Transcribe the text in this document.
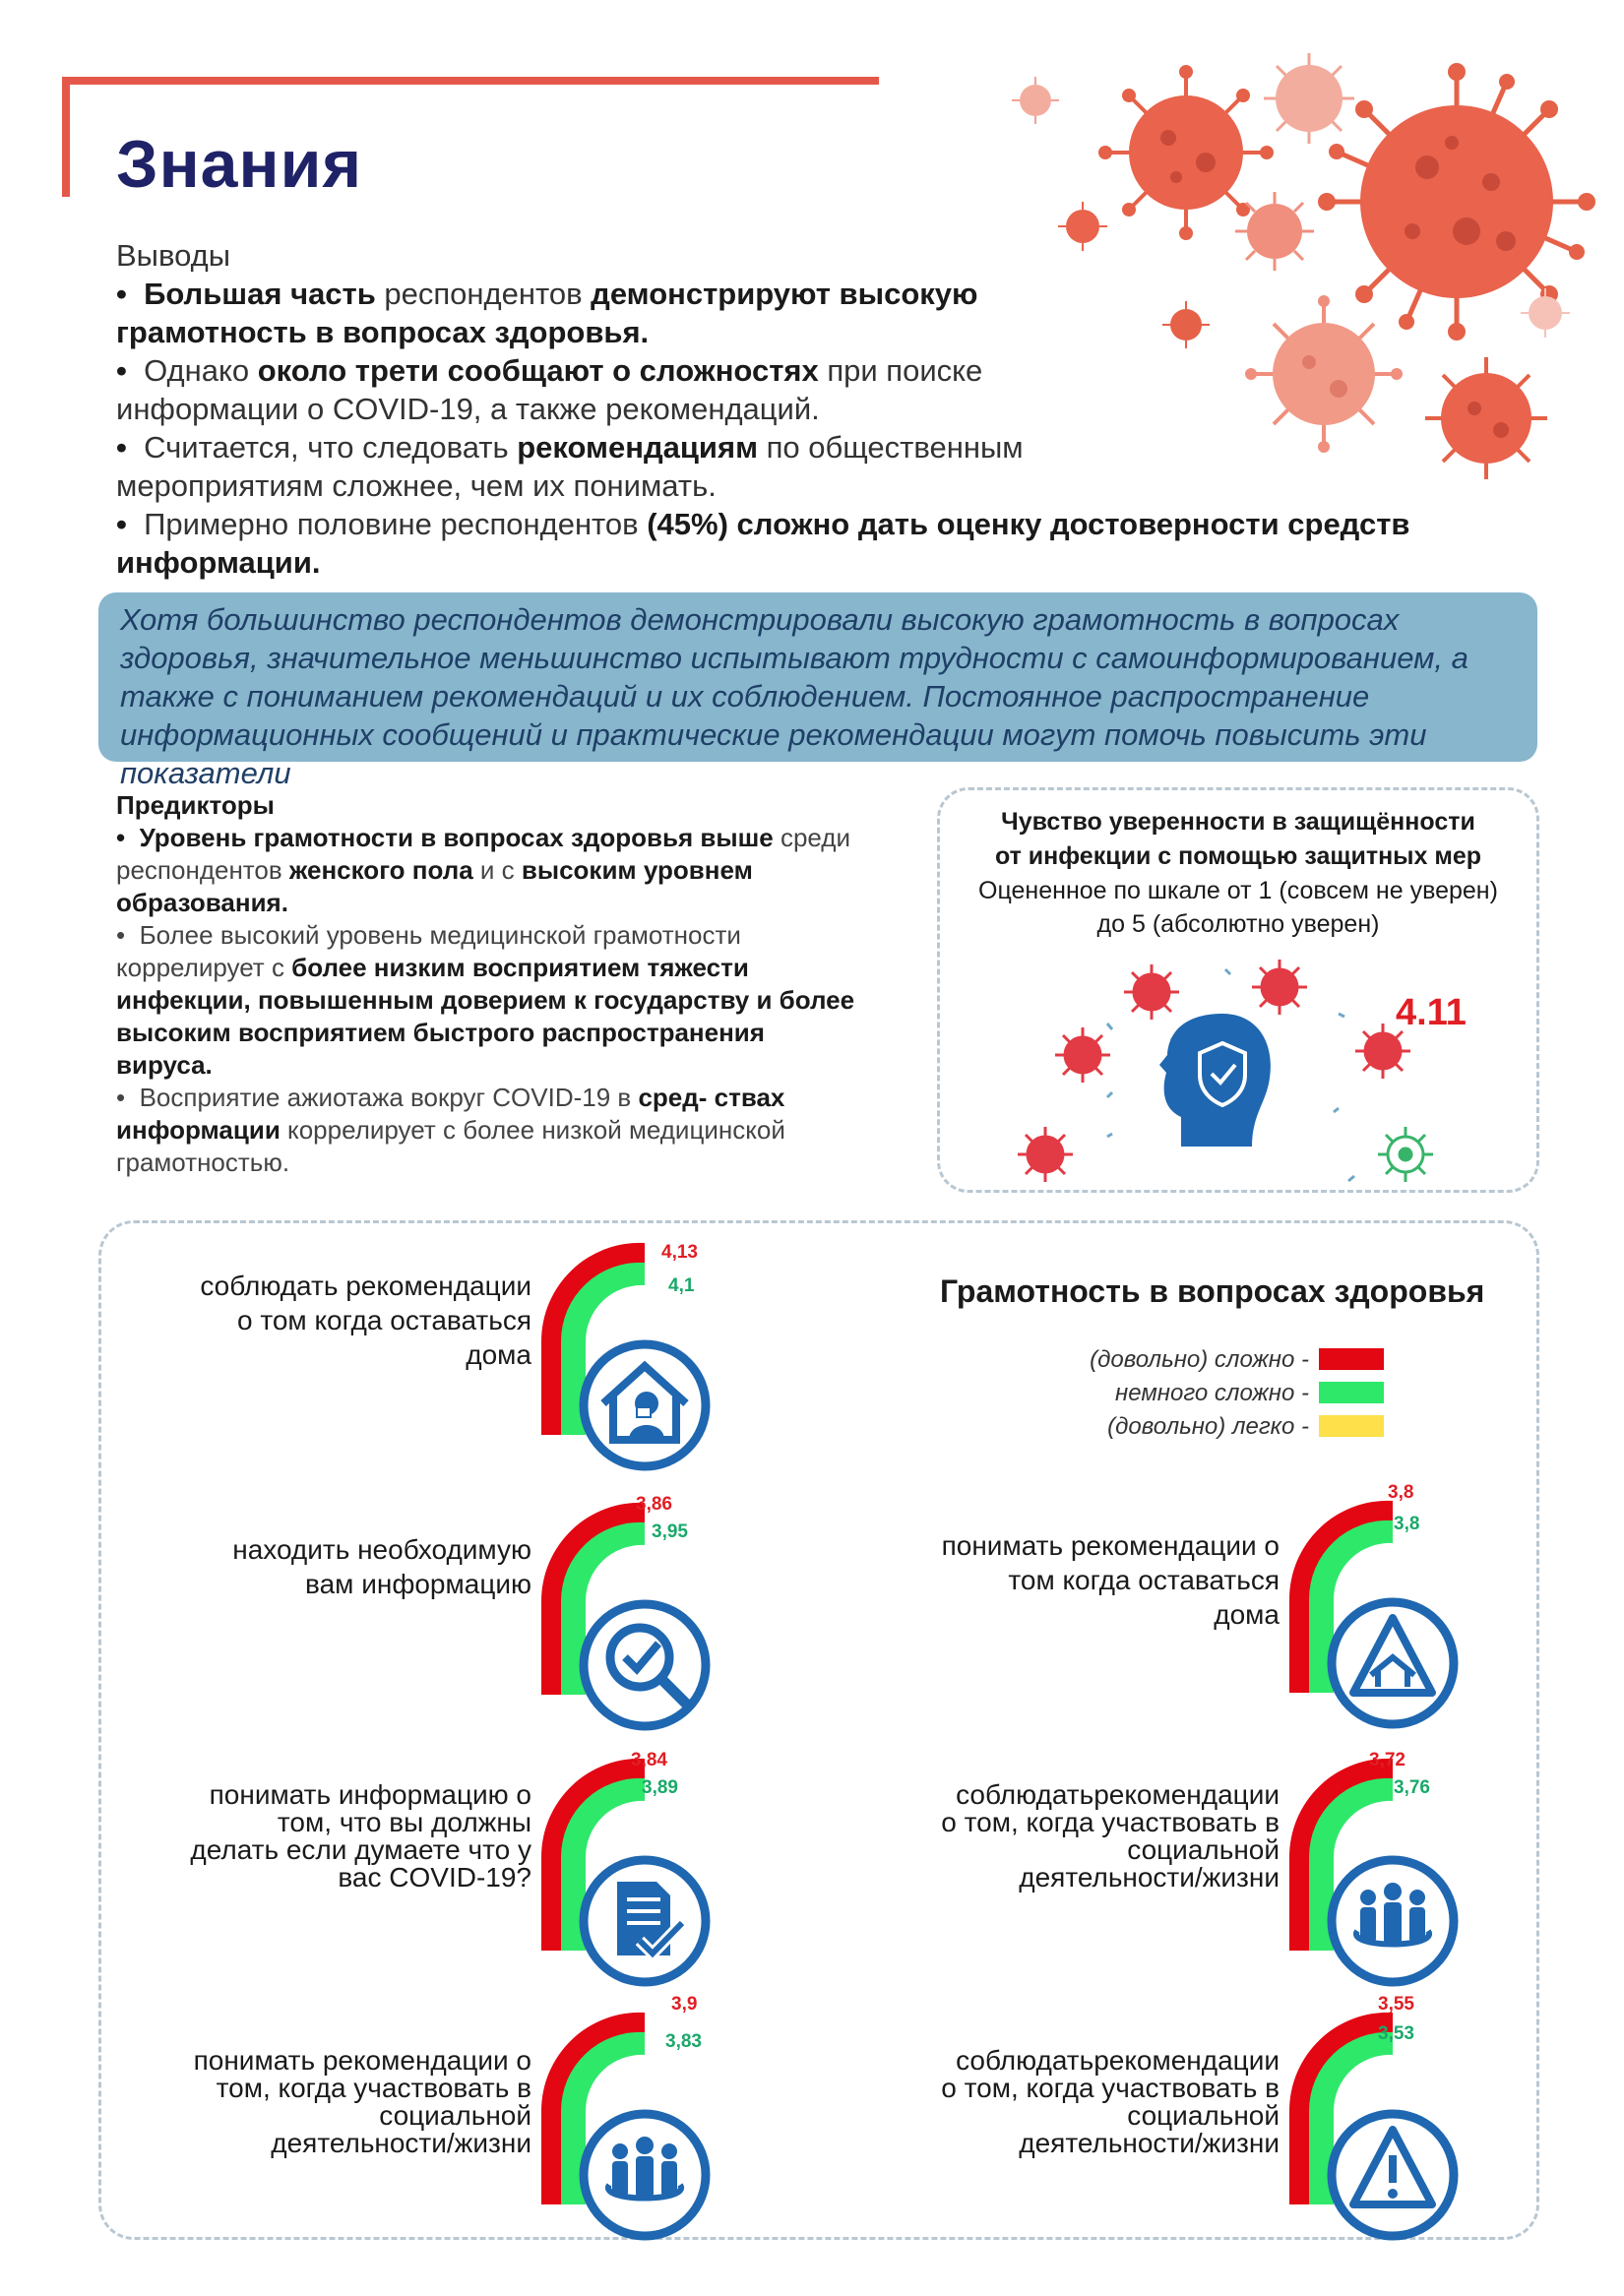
Знания

Выводы

•  Большая часть респондентов демонстрируют высокую грамотность в вопросах здоровья.

•  Однако около трети сообщают о сложностях при поиске информации о COVID-19, а также рекомендаций.

•  Считается, что следовать рекомендациям по общественным мероприятиям сложнее, чем их понимать.

•  Примерно половине респондентов (45%) сложно дать оценку достоверности средств информации.

Хотя большинство респондентов демонстрировали высокую грамотность в вопросах здоровья, значительное меньшинство испытывают трудности с самоинформированием, а также с пониманием рекомендаций и их соблюдением. Постоянное распространение информационных сообщений и практические рекомендации могут помочь повысить эти показатели

Предикторы

•  Уровень грамотности в вопросах здоровья выше среди респондентов женского пола и с высоким уровнем образования.

•  Более высокий уровень медицинской грамотности коррелирует с более низким восприятием тяжести инфекции, повышенным доверием к государству и более высоким восприятием быстрого распространения вируса.

•  Восприятие ажиотажа вокруг COVID-19 в сред- ствах информации коррелирует с более низкой медицинской грамотностью.

Чувство уверенности в защищённости
от инфекции с помощью защитных мер
Оцененное по шкале от 1 (совсем не уверен)
до 5 (абсолютно уверен)
4.11
Грамотность в вопросах здоровья
(довольно) сложно -
немного сложно -
(довольно) легко -
соблюдать рекомендации
о том когда оставаться
дома
4,13
4,1
находить необходимую
вам информацию
3,86
3,95
понимать информацию о
том, что вы должны
делать если думаете что у
вас COVID-19?
3,84
3,89
понимать рекомендации о
том, когда участвовать в
социальной
деятельности/жизни
3,9
3,83
понимать рекомендации о
том когда оставаться
дома
3,8
3,8
соблюдатьрекомендации
о том, когда участвовать в
социальной
деятельности/жизни
3,72
3,76
соблюдатьрекомендации
о том, когда участвовать в
социальной
деятельности/жизни
3,55
3,53
